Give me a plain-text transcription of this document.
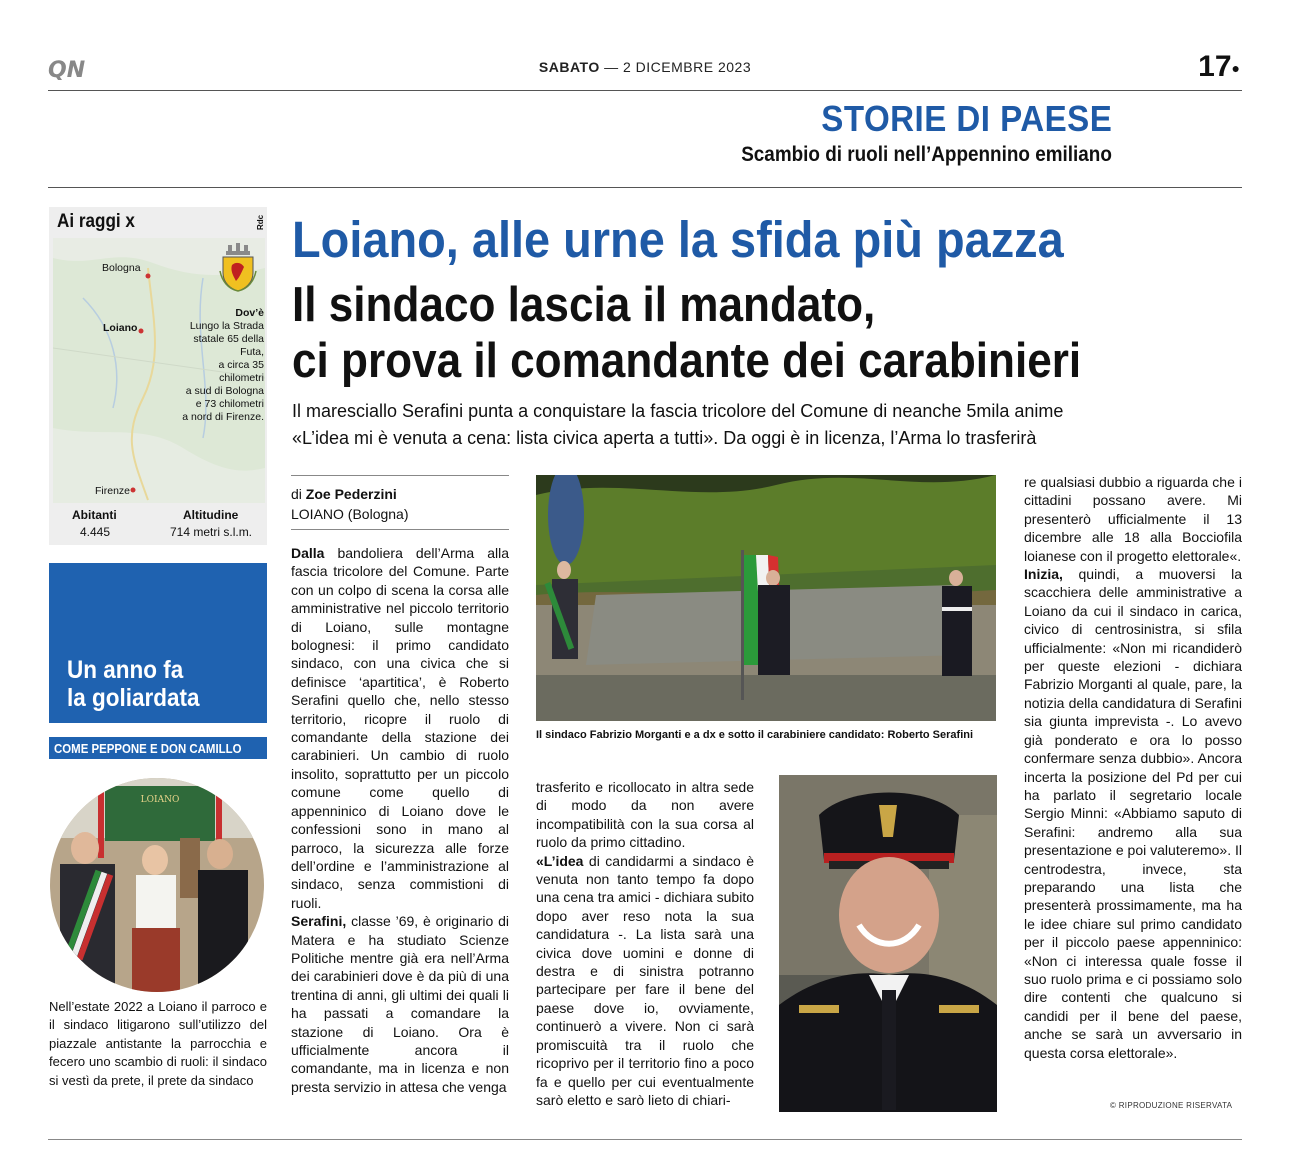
QN	SABATO — 2 DICEMBRE 2023	17●
STORIE DI PAESE
Scambio di ruoli nell’Appennino emiliano
Ai raggi x	Rdc
Bologna
Loiano
Firenze
Dov’è
Lungo la Strada
statale 65 della Futa,
a circa 35 chilometri
a sud di Bologna
e 73 chilometri
a nord di Firenze.
Abitanti
4.445
Altitudine
714 metri s.l.m.
Un anno fa
la goliardata
COME PEPPONE E DON CAMILLO
LOIANO
Nell’estate 2022 a Loiano il parroco e il sindaco litigarono sull’utilizzo del piazzale antistante la parrocchia e fecero uno scambio di ruoli: il sindaco si vestì da prete, il prete da sindaco
Loiano, alle urne la sfida più pazza
Il sindaco lascia il mandato,
ci prova il comandante dei carabinieri
Il maresciallo Serafini punta a conquistare la fascia tricolore del Comune di neanche 5mila anime
«L’idea mi è venuta a cena: lista civica aperta a tutti». Da oggi è in licenza, l’Arma lo trasferirà
di Zoe Pederzini
LOIANO (Bologna)
Dalla bandoliera dell’Arma alla fascia tricolore del Comune. Parte con un colpo di scena la corsa alle amministrative nel piccolo territorio di Loiano, sulle montagne bolognesi: il primo candidato sindaco, con una civica che si definisce ‘apartitica’, è Roberto Serafini quello che, nello stesso territorio, ricopre il ruolo di comandante della stazione dei carabinieri. Un cambio di ruolo insolito, soprattutto per un piccolo comune come quello di appenninico di Loiano dove le confessioni sono in mano al parroco, la sicurezza alle forze dell’ordine e l’amministrazione al sindaco, senza commistioni di ruoli.
Serafini, classe ’69, è originario di Matera e ha studiato Scienze Politiche mentre già era nell’Arma dei carabinieri dove è da più di una trentina di anni, gli ultimi dei quali li ha passati a comandare la stazione di Loiano. Ora è ufficialmente ancora il comandante, ma in licenza e non presta servizio in attesa che venga
Il sindaco Fabrizio Morganti e a dx e sotto il carabiniere candidato: Roberto Serafini
trasferito e ricollocato in altra sede di modo da non avere incompatibilità con la sua corsa al ruolo da primo cittadino.
«L’idea di candidarmi a sindaco è venuta non tanto tempo fa dopo una cena tra amici - dichiara subito dopo aver reso nota la sua candidatura -. La lista sarà una civica dove uomini e donne di destra e di sinistra potranno partecipare per fare il bene del paese dove io, ovviamente, continuerò a vivere. Non ci sarà promiscuità tra il ruolo che ricoprivo per il territorio fino a poco fa e quello per cui eventualmente sarò eletto e sarò lieto di chiari-
re qualsiasi dubbio a riguarda che i cittadini possano avere. Mi presenterò ufficialmente il 13 dicembre alle 18 alla Bocciofila loianese con il progetto elettorale«.
Inizia, quindi, a muoversi la scacchiera delle amministrative a Loiano da cui il sindaco in carica, civico di centrosinistra, si sfila ufficialmente: «Non mi ricandiderò per queste elezioni - dichiara Fabrizio Morganti al quale, pare, la notizia della candidatura di Serafini sia giunta imprevista -. Lo avevo già ponderato e ora lo posso confermare senza dubbio». Ancora incerta la posizione del Pd per cui ha parlato il segretario locale Sergio Minni: «Abbiamo saputo di Serafini: andremo alla sua presentazione e poi valuteremo». Il centrodestra, invece, sta preparando una lista che presenterà prossimamente, ma ha le idee chiare sul primo candidato per il piccolo paese appenninico: «Non ci interessa quale fosse il suo ruolo prima e ci possiamo solo dire contenti che qualcuno si candidi per il bene del paese, anche se sarà un avversario in questa corsa elettorale».
© RIPRODUZIONE RISERVATA
